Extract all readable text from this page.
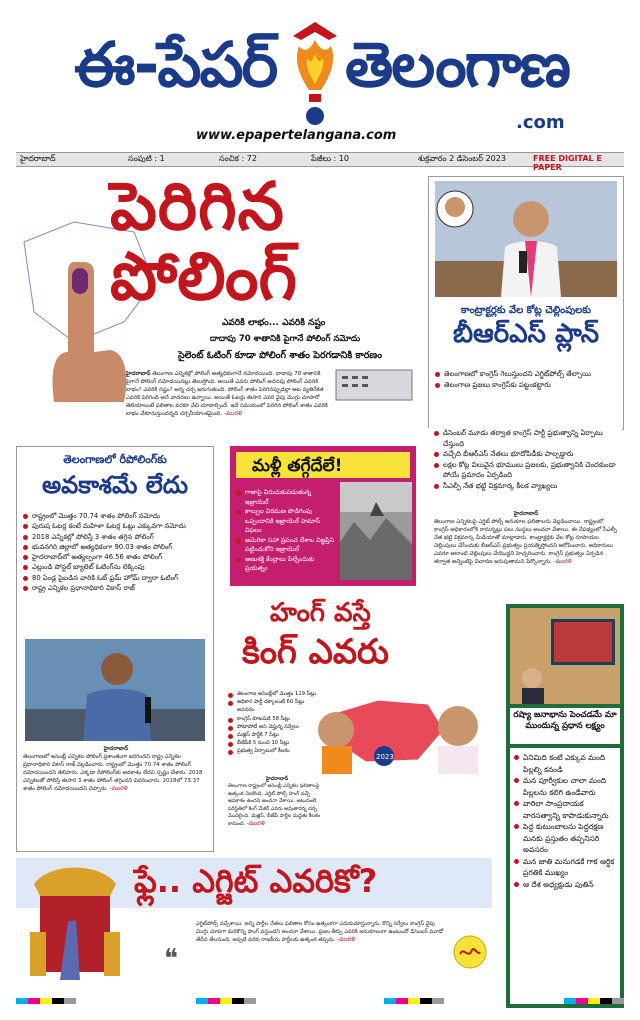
ఈ-పేపర్ తెలంగాణ
.com
www.epapertelangana.com
హైదరాబాద్	సంపుటి : 1	సంచిక : 72	పేజీలు : 10	శుక్రవారం 2 డిసెంబర్ 2023	FREE DIGITAL E PAPER
పెరిగిన
పోలింగ్
ఎవరికి లాభం... ఎవరికి నష్టం
దాదాపు 70 శాతానికి పైగానే పోలింగ్ నమోదు
సైలెంట్ ఓటింగ్ కూడా పోలింగ్ శాతం పెరగడానికి కారణం
హైదరాబాద్ తెలంగాణ ఎన్నికల్లో పోలింగ్ అత్యధికంగానే నమోదయింది. దాదాపు 70 శాతానికి పైగానే పోలింగ్ నమోదయినట్లు తెలుస్తోంది. అయితే ఎవరు పోలింగ్ అదనపు పోలింగ్ ఎవరికి లాభం? ఎవరికి నష్టం? అన్న చర్చ జరుగుతుంది. పోలింగ్ శాతం పెరిగినప్పుడల్లా ఆట వ్యతిరేకత ఎవరికి పెరిగింది అనే వాదనలు ఉన్నాయి. అయితే ఓటర్లు ఈసారి ఎవరి వైపు మొగ్గు చూపారో తెలియాలంటే ఫలితాల వరకూ వేచి చూడాల్సిందే. ఇదే సమయంలో పెరిగిన పోలింగ్ శాతం ఎవరికి లాభం చేకూరుస్తుందన్నది చర్చనీయాంశమైంది. -మురళి
కాంట్రాక్టర్లకు వేల కోట్ల చెల్లింపులకు
బీఆర్ఎస్ ప్లాన్
తెలంగాణలో కాంగ్రెస్ గెలుస్తుందని ఎగ్జిట్‌పోల్స్ తేల్చాయి
తెలంగాణ ప్రజలు కాంగ్రెస్‌కు పట్టంకట్టారు
డిసెంబర్ మూడు తర్వాత కాంగ్రెస్ పార్టీ ప్రభుత్వాన్ని ఏర్పాటు చేస్తుంది
వచ్చేది బీఆర్ఎస్ నేతలు భూదోపిడీకు పాల్పడ్డారు
లక్షల కోట్ల విలువైన భూములు ప్రజలకు, ప్రభుత్వానికి చెందకుండా పోయే ప్రమాదం ఏర్పడింది
సీఎల్పీ నేత భట్టి విక్రమార్క కీలక వ్యాఖ్యలు
హైదరాబాద్
తెలంగాణ ఎన్నికలపై ఎగ్జిట్ పోల్స్ అనుకూల ఫలితాలను వెల్లడించాయి. రాష్ట్రంలో కాంగ్రెస్ అధికారంలోకి రానున్నట్లు పలు సంస్థలు అంచనా వేశాయి. ఈ నేపథ్యంలో సీఎల్పీ నేత భట్టి విక్రమార్క మీడియాతో మాట్లాడారు. కాంట్రాక్టర్లకు వేల కోట్ల రూపాయల చెల్లింపులు చేసేందుకు బీఆర్ఎస్ ప్రభుత్వం ప్రయత్నిస్తోందని ఆరోపించారు. అధికారులు ఎవరూ అలాంటి చెల్లింపులు చేయొద్దని హెచ్చరించారు. కాంగ్రెస్ ప్రభుత్వం ఏర్పడిన తర్వాత అన్నింటిపై విచారణ జరుపుతామని పేర్కొన్నారు. -మురళి
తెలంగాణలో రీపోలింగ్‌కు
అవకాశమే లేదు
రాష్ట్రంలో మొత్తం 70.74 శాతం పోలింగ్ నమోదు
పురుష ఓటర్ల కంటే మహిళా ఓటర్ల ఓట్లు ఎక్కువగా నమోదు
2018 ఎన్నికల్లో పోలిస్తే 3 శాతం తగ్గిన పోలింగ్
భువనగిరి జిల్లాలో అత్యధికంగా 90.03 శాతం పోలింగ్
హైదరాబాద్‌లో అత్యల్పంగా 46.56 శాతం పోలింగ్
ఎల్లుండి పోస్టల్ బ్యాలెట్ ఓటింగ్‌ను లెక్కింపు
80 ఏండ్ల పైబడిన వారికి ఓట్ ఫ్రమ్ హోమ్ ద్వారా ఓటింగ్
రాష్ట్ర ఎన్నికల ప్రధానాధికారి వికాస్ రాజ్
హైదరాబాద్
తెలంగాణలో అసెంబ్లీ ఎన్నికల పోలింగ్ ప్రశాంతంగా జరిగిందని రాష్ట్ర ఎన్నికల ప్రధానాధికారి వికాస్ రాజ్ వెల్లడించారు. రాష్ట్రంలో మొత్తం 70.74 శాతం పోలింగ్ నమోదయిందని తెలిపారు. ఎక్కడా రీపోలింగ్‌కు అవకాశం లేదని స్పష్టం చేశారు. 2018 ఎన్నికలతో పోలిస్తే ఈసారి 3 శాతం పోలింగ్ తగ్గిందని వివరించారు. 2018లో 73.37 శాతం పోలింగ్ నమోదయిందని చెప్పారు. -మురళి
మళ్లీ తగ్గేదేలే!
గాజాపై విరుచుకుపడుతున్న ఇజ్రాయెల్
కాల్పుల విరమణ పొడిగింపు ఒప్పందానికి ఇజ్రాయెల్ హమాస్ విఫలం
అమెరికా సహా ప్రపంచ దేశాల విజ్ఞప్తిని పట్టించుకోని ఇజ్రాయెల్
అణుశక్తి కేంద్రాలు పేల్చేందుకు ప్రయత్నం
హంగ్ వస్తే
కింగ్ ఎవరు
తెలంగాణ అసెంబ్లీలో మొత్తం 119 సీట్లు
అధికార పార్టీ దక్కాలంటే 60 సీట్లు అవసరం
కాంగ్రెస్ కూటమికి 58 సీట్లు
పోటాపోటీ అని చెప్తున్న సర్వేలు
మజ్లిస్ పార్టీకి 7 సీట్లు
బీజేపీకి 5 నుంచి 10 సీట్లు
ప్రభుత్వ ఏర్పాటులో కీలకం
2023
హైదరాబాద్
తెలంగాణ రాష్ట్రంలో అసెంబ్లీ ఎన్నికల ఫలితాలపై ఉత్కంఠ నెలకొంది. ఎగ్జిట్ పోల్స్ హంగ్ వచ్చే అవకాశం ఉందని అంచనా వేశాయి. అటువంటి పరిస్థితిలో కింగ్ మేకర్ ఎవరు అవుతారన్న చర్చ మొదలైంది. మజ్లిస్, బీజేపీ పార్టీల మద్దతు కీలకం కానుంది. -మురళి
రష్యా జనాభాను పెంచడమే మా ముందున్న ప్రధాన లక్ష్యం
ఏనిమిది కంటే ఎక్కువ మంది పిల్లల్ని కనండి
మన పూర్వీకుల చాలా మంది పిల్లలను కలిగి ఉండేవారు
వారిలా సాంప్రదాయక వారసత్వాన్ని కాపాడుకున్నారు
పెద్ద కుటుంబాలను పెద్దరక్షణ మనకు ప్రస్తుతం తప్పనిసరి అవసరం
మన జాతి మనుగడకే గాక ఆర్థిక ప్రగతికి ముఖ్యం
ఆ దేశ అధ్యక్షుడు పుతిన్
ఫ్లే.. ఎగ్జిట్ ఎవరికో?
❝
ఎగ్జిట్‌పోల్స్ వచ్చేశాయి. అన్ని పార్టీల నేతలు ఫలితాల కోసం ఉత్కంఠగా ఎదురుచూస్తున్నారు. కొన్ని సర్వేలు కాంగ్రెస్ వైపు మొగ్గు చూపగా మరికొన్ని హంగ్ వస్తుందని అంచనా వేశాయి. ప్రజల తీర్పు ఎవరికి అనుకూలంగా ఉంటుందో డిసెంబర్ మూడో తేదీన తేలనుంది. అప్పటి వరకు రాజకీయ పార్టీలకు ఉత్కంఠ తప్పదు. -మురళి
